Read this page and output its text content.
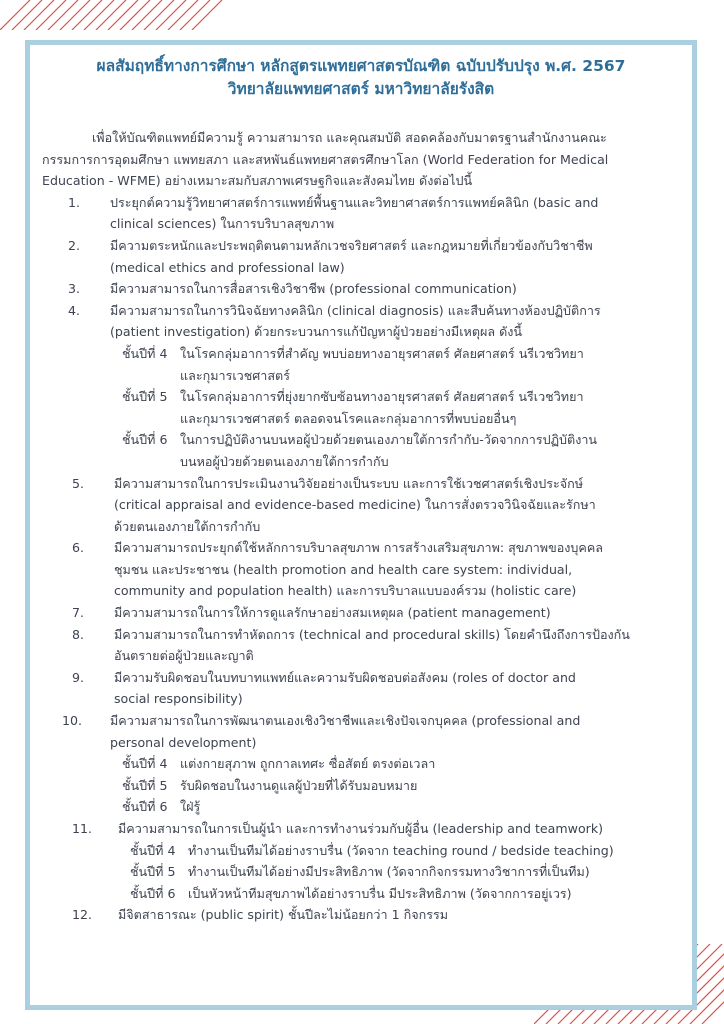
ผลสัมฤทธิ์ทางการศึกษา หลักสูตรแพทยศาสตรบัณฑิต ฉบับปรับปรุง พ.ศ. 2567
วิทยาลัยแพทยศาสตร์ มหาวิทยาลัยรังสิต
เพื่อให้บัณฑิตแพทย์มีความรู้ ความสามารถ และคุณสมบัติ สอดคล้องกับมาตรฐานสำนักงานคณะ
กรรมการการอุดมศึกษา แพทยสภา และสหพันธ์แพทยศาสตรศึกษาโลก (World Federation for Medical
Education - WFME) อย่างเหมาะสมกับสภาพเศรษฐกิจและสังคมไทย ดังต่อไปนี้
1. ประยุกต์ความรู้วิทยาศาสตร์การแพทย์พื้นฐานและวิทยาศาสตร์การแพทย์คลินิก (basic and
clinical sciences) ในการบริบาลสุขภาพ
2. มีความตระหนักและประพฤติตนตามหลักเวชจริยศาสตร์ และกฎหมายที่เกี่ยวข้องกับวิชาชีพ
(medical ethics and professional law)
3. มีความสามารถในการสื่อสารเชิงวิชาชีพ (professional communication)
4. มีความสามารถในการวินิจฉัยทางคลินิก (clinical diagnosis) และสืบค้นทางห้องปฏิบัติการ
(patient investigation) ด้วยกระบวนการแก้ปัญหาผู้ป่วยอย่างมีเหตุผล ดังนี้
ชั้นปีที่ 4 ในโรคกลุ่มอาการที่สำคัญ พบบ่อยทางอายุรศาสตร์ ศัลยศาสตร์ นรีเวชวิทยา
และกุมารเวชศาสตร์
ชั้นปีที่ 5 ในโรคกลุ่มอาการที่ยุ่งยากซับซ้อนทางอายุรศาสตร์ ศัลยศาสตร์ นรีเวชวิทยา
และกุมารเวชศาสตร์ ตลอดจนโรคและกลุ่มอาการที่พบบ่อยอื่นๆ
ชั้นปีที่ 6 ในการปฏิบัติงานบนหอผู้ป่วยด้วยตนเองภายใต้การกำกับ-วัดจากการปฏิบัติงาน
บนหอผู้ป่วยด้วยตนเองภายใต้การกำกับ
5. มีความสามารถในการประเมินงานวิจัยอย่างเป็นระบบ และการใช้เวชศาสตร์เชิงประจักษ์
(critical appraisal and evidence-based medicine) ในการสั่งตรวจวินิจฉัยและรักษา
ด้วยตนเองภายใต้การกำกับ
6. มีความสามารถประยุกต์ใช้หลักการบริบาลสุขภาพ การสร้างเสริมสุขภาพ: สุขภาพของบุคคล
ชุมชน และประชาชน (health promotion and health care system: individual,
community and population health) และการบริบาลแบบองค์รวม (holistic care)
7. มีความสามารถในการให้การดูแลรักษาอย่างสมเหตุผล (patient management)
8. มีความสามารถในการทำหัตถการ (technical and procedural skills) โดยคำนึงถึงการป้องกัน
อันตรายต่อผู้ป่วยและญาติ
9. มีความรับผิดชอบในบทบาทแพทย์และความรับผิดชอบต่อสังคม (roles of doctor and
social responsibility)
10. มีความสามารถในการพัฒนาตนเองเชิงวิชาชีพและเชิงปัจเจกบุคคล (professional and
personal development)
ชั้นปีที่ 4 แต่งกายสุภาพ ถูกกาลเทศะ ซื่อสัตย์ ตรงต่อเวลา
ชั้นปีที่ 5 รับผิดชอบในงานดูแลผู้ป่วยที่ได้รับมอบหมาย
ชั้นปีที่ 6 ใฝ่รู้
11. มีความสามารถในการเป็นผู้นำ และการทำงานร่วมกับผู้อื่น (leadership and teamwork)
ชั้นปีที่ 4 ทำงานเป็นทีมได้อย่างราบรื่น (วัดจาก teaching round / bedside teaching)
ชั้นปีที่ 5 ทำงานเป็นทีมได้อย่างมีประสิทธิภาพ (วัดจากกิจกรรมทางวิชาการที่เป็นทีม)
ชั้นปีที่ 6 เป็นหัวหน้าทีมสุขภาพได้อย่างราบรื่น มีประสิทธิภาพ (วัดจากการอยู่เวร)
12. มีจิตสาธารณะ (public spirit) ชั้นปีละไม่น้อยกว่า 1 กิจกรรม
